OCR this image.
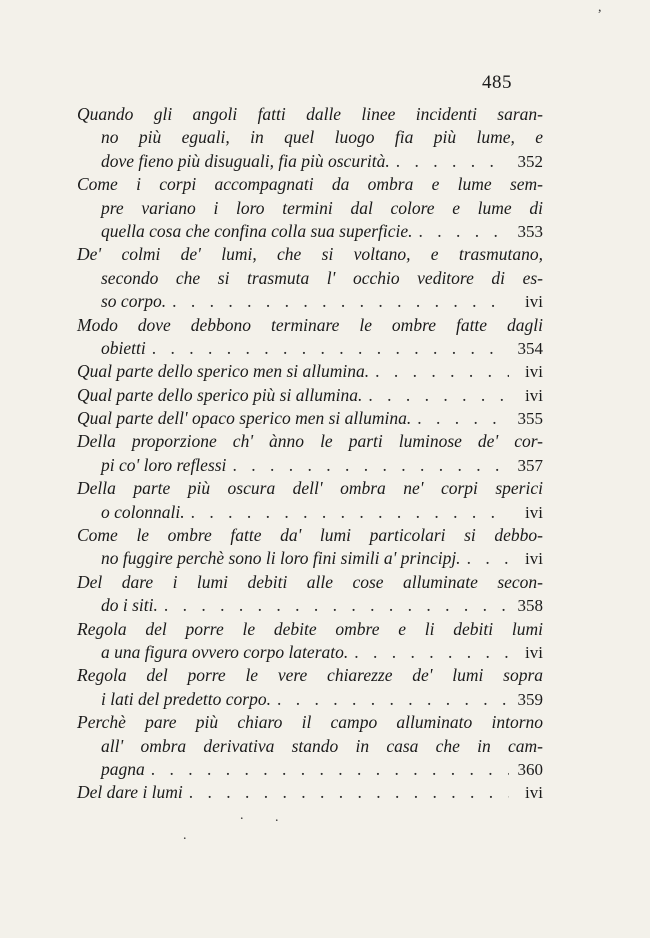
485
Quando gli angoli fatti dalle linee incidenti saran-
no più eguali, in quel luogo fia più lume, e
dove fieno più disuguali, fia più oscurità. . . .	352
Come i corpi accompagnati da ombra e lume sem-
pre variano i loro termini dal colore e lume di
quella cosa che confina colla sua superficie. . . .	353
De' colmi de' lumi, che si voltano, e trasmutano,
secondo che si trasmuta l' occhio veditore di es-
so corpo. . . .	ivi
Modo dove debbono terminare le ombre fatte dagli
obietti . . .	354
Qual parte dello sperico men si allumina. . . .	ivi
Qual parte dello sperico più si allumina. . . .	ivi
Qual parte dell' opaco sperico men si allumina. . . .	355
Della proporzione ch' ànno le parti luminose de' cor-
pi co' loro reflessi . . .	357
Della parte più oscura dell' ombra ne' corpi sperici
o colonnali. . . .	ivi
Come le ombre fatte da' lumi particolari si debbo-
no fuggire perchè sono li loro fini simili a' principj. . . .	ivi
Del dare i lumi debiti alle cose alluminate secon-
do i siti. . . .	358
Regola del porre le debite ombre e li debiti lumi
a una figura ovvero corpo laterato. . . .	ivi
Regola del porre le vere chiarezze de' lumi sopra
i lati del predetto corpo. . . .	359
Perchè pare più chiaro il campo alluminato intorno
all' ombra derivativa stando in casa che in cam-
pagna . . .	360
Del dare i lumi . . .	ivi
. .
.
,
